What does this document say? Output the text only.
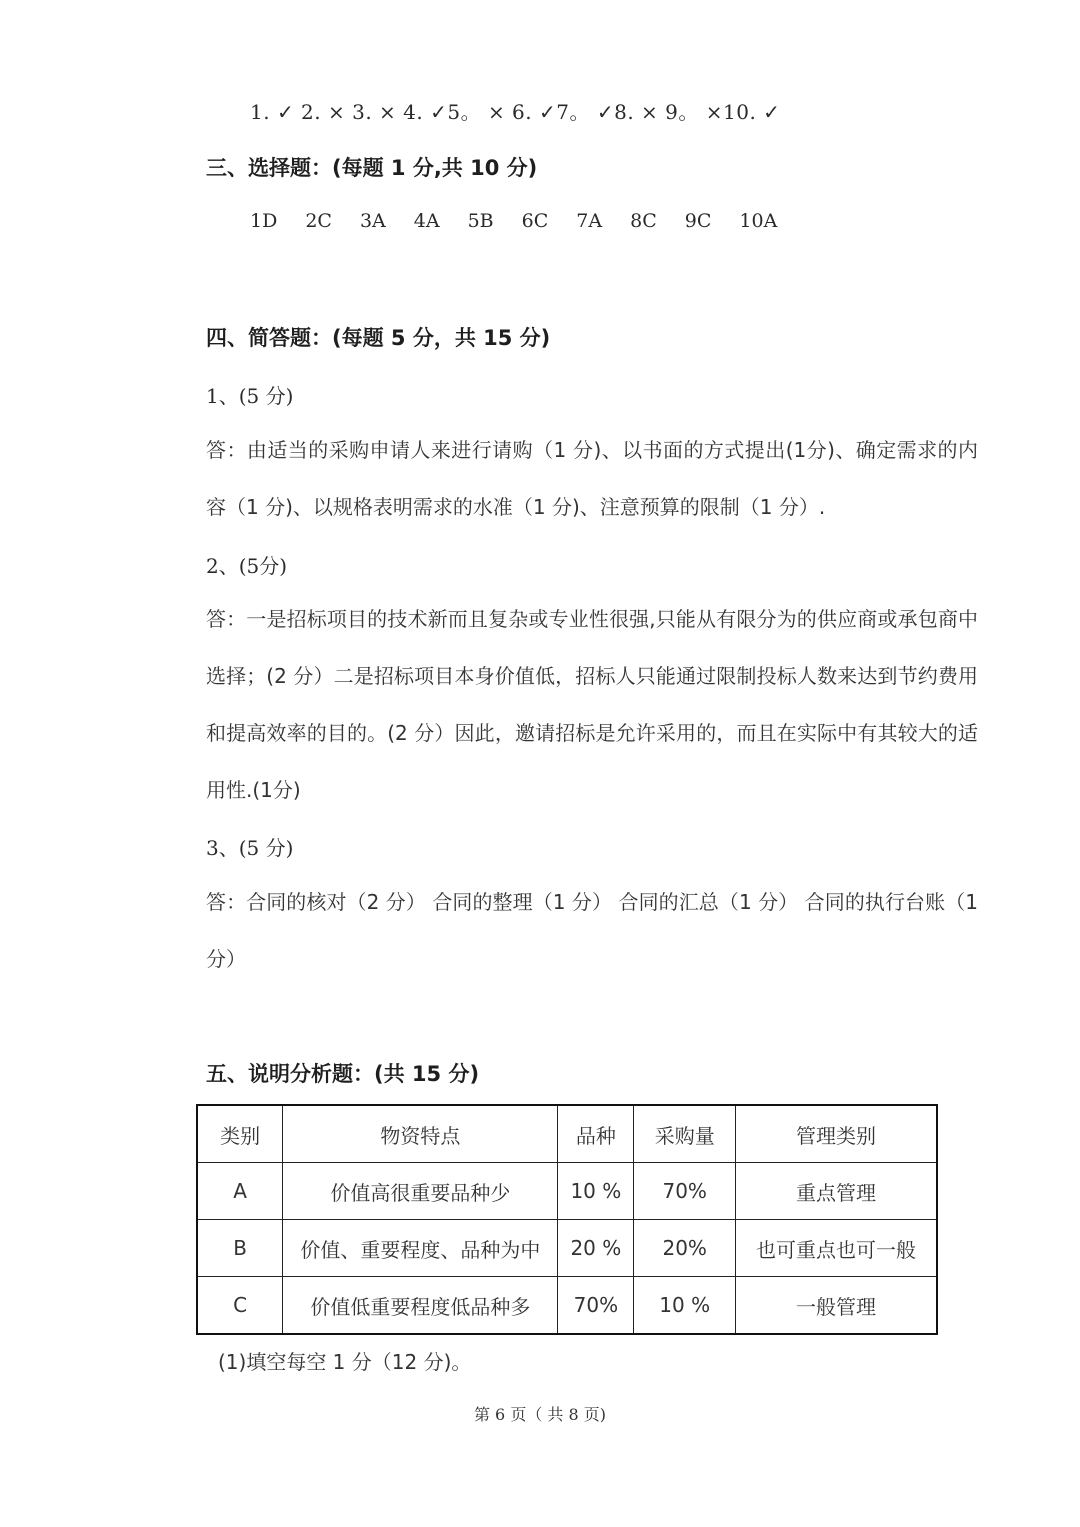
1. ✓ 2. × 3. × 4. ✓5。 × 6. ✓7。 ✓8. × 9。 ×10. ✓
三、选择题：(每题 1 分,共 10 分)
1D 2C 3A 4A 5B 6C 7A 8C 9C 10A
四、简答题：(每题 5 分，共 15 分)
1、(5 分)
答：由适当的采购申请人来进行请购（1 分)、以书面的方式提出(1分)、确定需求的内容（1 分)、以规格表明需求的水准（1 分)、注意预算的限制（1 分）.
2、(5分)
答：一是招标项目的技术新而且复杂或专业性很强,只能从有限分为的供应商或承包商中选择；(2 分）二是招标项目本身价值低，招标人只能通过限制投标人数来达到节约费用和提高效率的目的。(2 分）因此，邀请招标是允许采用的，而且在实际中有其较大的适用性.(1分)
3、(5 分)
答：合同的核对（2 分） 合同的整理（1 分） 合同的汇总（1 分） 合同的执行台账（1 分）
五、说明分析题：(共 15 分)
类别	物资特点	品种	采购量	管理类别
A	价值高很重要品种少	10 %	70%	重点管理
B	价值、重要程度、品种为中	20 %	20%	也可重点也可一般
C	价值低重要程度低品种多	70%	10 %	一般管理
(1)填空每空 1 分（12 分)。
第 6 页（ 共 8 页)
